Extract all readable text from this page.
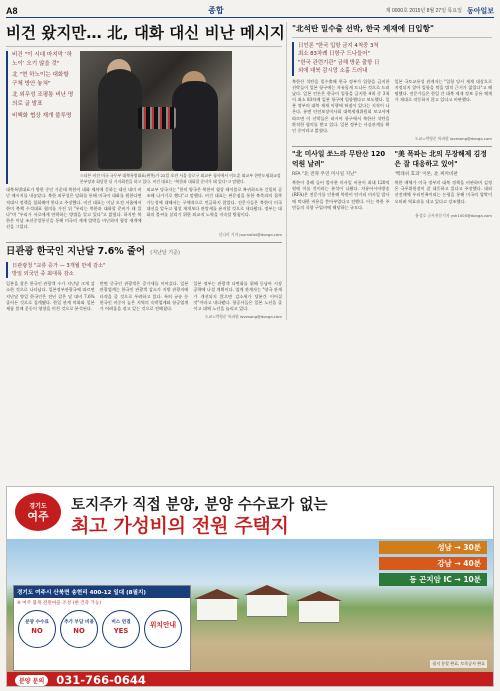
A8	종합	제 0000호 2015년 8월 27일 목요일 동아일보
비건 왔지만… 北, 대화 대신 비난 메시지

비건 "이 시대 마지막 ‘하노이’ 오기 않을 것"

北 "현 하노이는 대화할 구체 방안 놓쳐"

北 외무성 조평통 비난 명의로 글 발표

비핵화 협상 재개 불투명

스티븐 비건 미국 국무부 대북특별대표(왼쪽)가 22일 오전 서울 종로구 외교부 청사에서 이도훈 외교부 한반도평화교섭본부장과 회담한 뒤 기자회견을 하고 있다. 비건 대표는 "북한과 대화할 준비가 돼 있다"고 말했다.
대북특별대표가 방한 중인 가운데 북한이 대화 제의에 응하는 대신 대미 비난 메시지를 내놓았다. 북한 외무성은 담화를 통해 미국이 대화를 원한다면 적대시 정책을 철회해야 한다고 주장했다. 비건 대표는 이날 오전 서울에서 한미 북핵 수석대표 협의를 가진 뒤 "우리는 북한과 대화할 준비가 돼 있다"며 "우리가 서로에게 연락하는 방법을 알고 있다"고 밝혔다. 하지만 북한은 이날 조선중앙통신을 통해 미국의 제재 압박을 비난하며 협상 재개에 선을 그었다.
외교부 당국자는 "한미 양국은 북한이 협상 테이블로 복귀하도록 긴밀히 공조해 나가기로 했다"고 말했다. 비건 대표는 판문점을 통한 북측과의 접촉 가능성에 대해서는 구체적으로 언급하지 않았다. 전문가들은 북한이 미국 대선을 앞두고 협상 재개보다 관망세를 유지할 것으로 내다봤다. 정부는 대화의 불씨를 살리기 위한 외교적 노력을 지속할 방침이다.
신나리 기자 journalist@donga.com
日관광 한국인 지난달 7.6% 줄어 (지난달 기준)
日관광청 "교류 증가 — 3개월 만에 감소"
방일 외국인 중 최대폭 감소
일본을 찾은 한국인 관광객 수가 지난달 크게 감소한 것으로 나타났다. 일본정부관광국에 따르면 지난달 방일 한국인은 전년 같은 달 대비 7.6% 줄어든 것으로 집계됐다. 한일 관계 악화와 일본 제품 불매 운동이 영향을 미친 것으로 분석된다.
반면 중국인 관광객은 증가세를 이어갔다. 일본 관광업계는 한국인 관광객 감소가 지방 관광지에 타격을 줄 것으로 우려하고 있다. 특히 규슈 등 한국인 비중이 높은 지역의 숙박업계와 항공업계가 어려움을 겪고 있는 것으로 전해졌다.
일본 정부는 관광객 다변화를 위해 동남아 시장 공략에 나설 계획이다. 업계 관계자는 "양국 관계가 개선되지 않으면 감소세가 당분간 이어질 것"이라고 내다봤다. 항공사들은 일본 노선을 줄이고 대체 노선을 늘리고 있다.
도쿄=박형준 특파원 lovesong@donga.com
"北석탄 밀수출 선박, 한국 제재에 日입항"
日언론 "한국 입항 금지 4척중 3척
최소 83차례 日항구 드나들어"
"한국 관련기관" 금해 방문 출항 日
외에 대북 감시망 소홀 드러내
북한산 석탄을 밀수출해 한국 정부가 입항을 금지한 선박들이 일본 항구에는 자유롭게 드나든 것으로 드러났다. 일본 언론은 한국이 입항을 금지한 4척 중 3척이 최소 83차례 일본 항구에 입항했다고 보도했다. 일본 정부의 대북 제재 이행에 허점이 있다는 지적이 나온다. 유엔 안전보장이사회 대북제재위원회 보고서에 따르면 이 선박들은 러시아 항구에서 북한산 석탄을 환적한 혐의를 받고 있다. 일본 정부는 사실관계를 확인 중이라고 밝혔다.
일본 국토교통성 관계자는 "입항 당시 제재 대상으로 지정되지 않아 입항을 막을 법적 근거가 없었다"고 해명했다. 전문가들은 한일 간 대북 제재 정보 공유 체계가 제대로 작동하지 않고 있다고 비판했다.
도쿄=박형준 특파원 lovesong@donga.com
"北 미사일 쏘느라 무탄산 120억원 날려"
RFA "北 전략 무연 미사일 지난"
북한이 올해 들어 발사한 미사일 비용이 최대 120억 원에 이를 것이라는 분석이 나왔다. 자유아시아방송(RFA)은 전문가를 인용해 북한이 단거리 미사일 발사에 막대한 비용을 쏟아부었다고 전했다. 이는 북한 주민들의 식량 구입비에 해당하는 규모다.
"美 폭파는 北의 무장해제 김정은 잘 대응하고 있어"
'백래쉬 효과' 이론, 北 찌꺼비판
북한 매체가 미국 정부의 대북 정책을 비판하며 김정은 국무위원장이 잘 대응하고 있다고 주장했다. 대외선전매체 우리민족끼리는 논평을 통해 미국의 압박이 오히려 역효과를 내고 있다고 강조했다.
윤상호 군사전문기자 ysh1005@donga.com
경기도
여주
토지주가 직접 분양, 분양 수수료가 없는
최고 가성비의 전원 주택지
성남 → 30분
강남 → 40분
동 곤지암 IC → 10분
필지 분할 완료, 토목공사 완료
경기도 여주시 산북면 송현리 400-12 일대 (8필지)
※ 여주 불목 전원마을 조성 (현 건축 가능)
분양 수수료
NO
추가 부담 비용
NO
버스 연결
YES
위치안내
분양 문의	031-766-0644
